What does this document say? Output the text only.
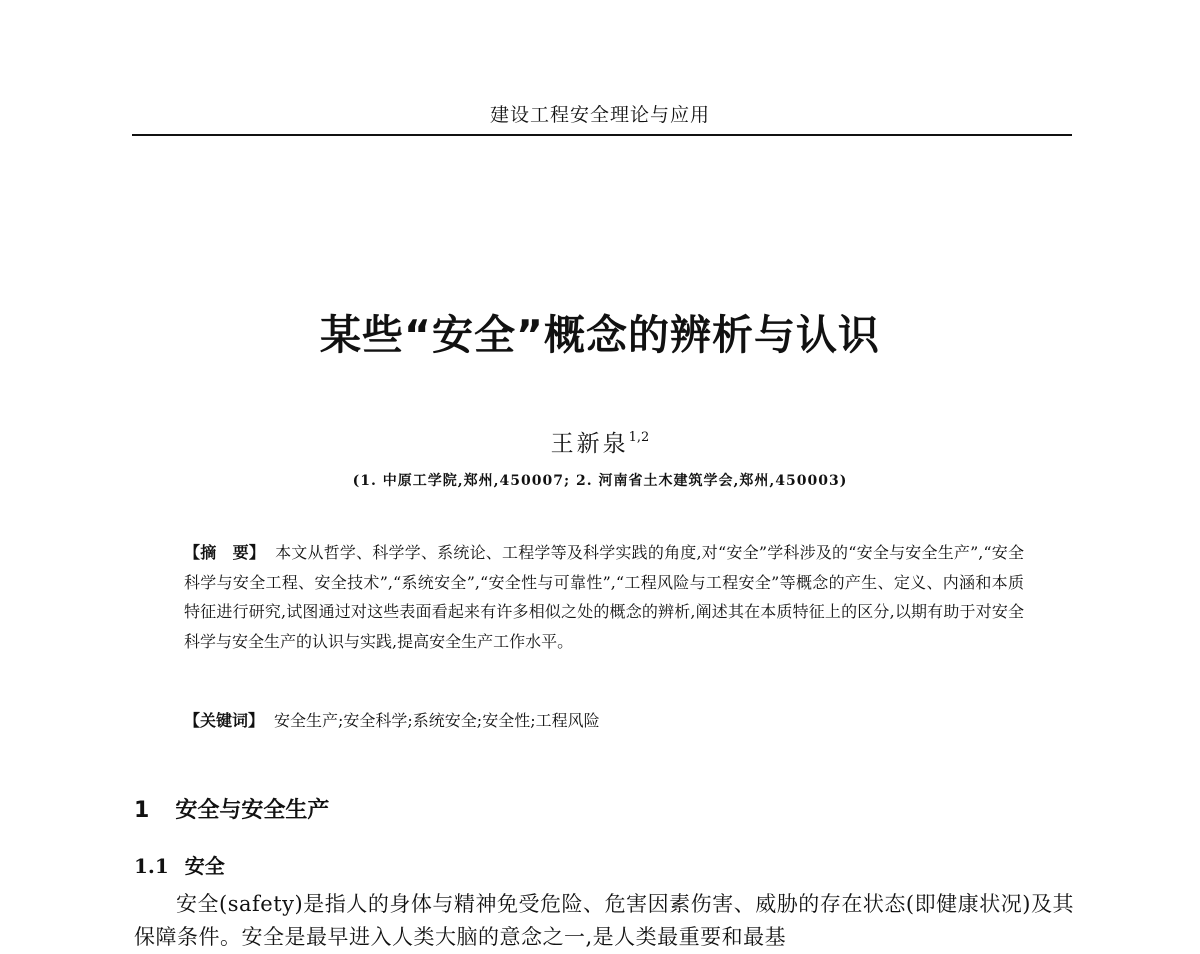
建设工程安全理论与应用
某些“安全”概念的辨析与认识
王新泉$^{1,2}$
(1. 中原工学院,郑州,450007; 2. 河南省土木建筑学会,郑州,450003)
【摘　要】 本文从哲学、科学学、系统论、工程学等及科学实践的角度,对“安全”学科涉及的“安全与安全生产”,“安全科学与安全工程、安全技术”,“系统安全”,“安全性与可靠性”,“工程风险与工程安全”等概念的产生、定义、内涵和本质特征进行研究,试图通过对这些表面看起来有许多相似之处的概念的辨析,阐述其在本质特征上的区分,以期有助于对安全科学与安全生产的认识与实践,提高安全生产工作水平。
【关键词】 安全生产;安全科学;系统安全;安全性;工程风险
1 安全与安全生产
1.1 安全
安全(safety)是指人的身体与精神免受危险、危害因素伤害、威胁的存在状态(即健康状况)及其保障条件。安全是最早进入人类大脑的意念之一,是人类最重要和最基
